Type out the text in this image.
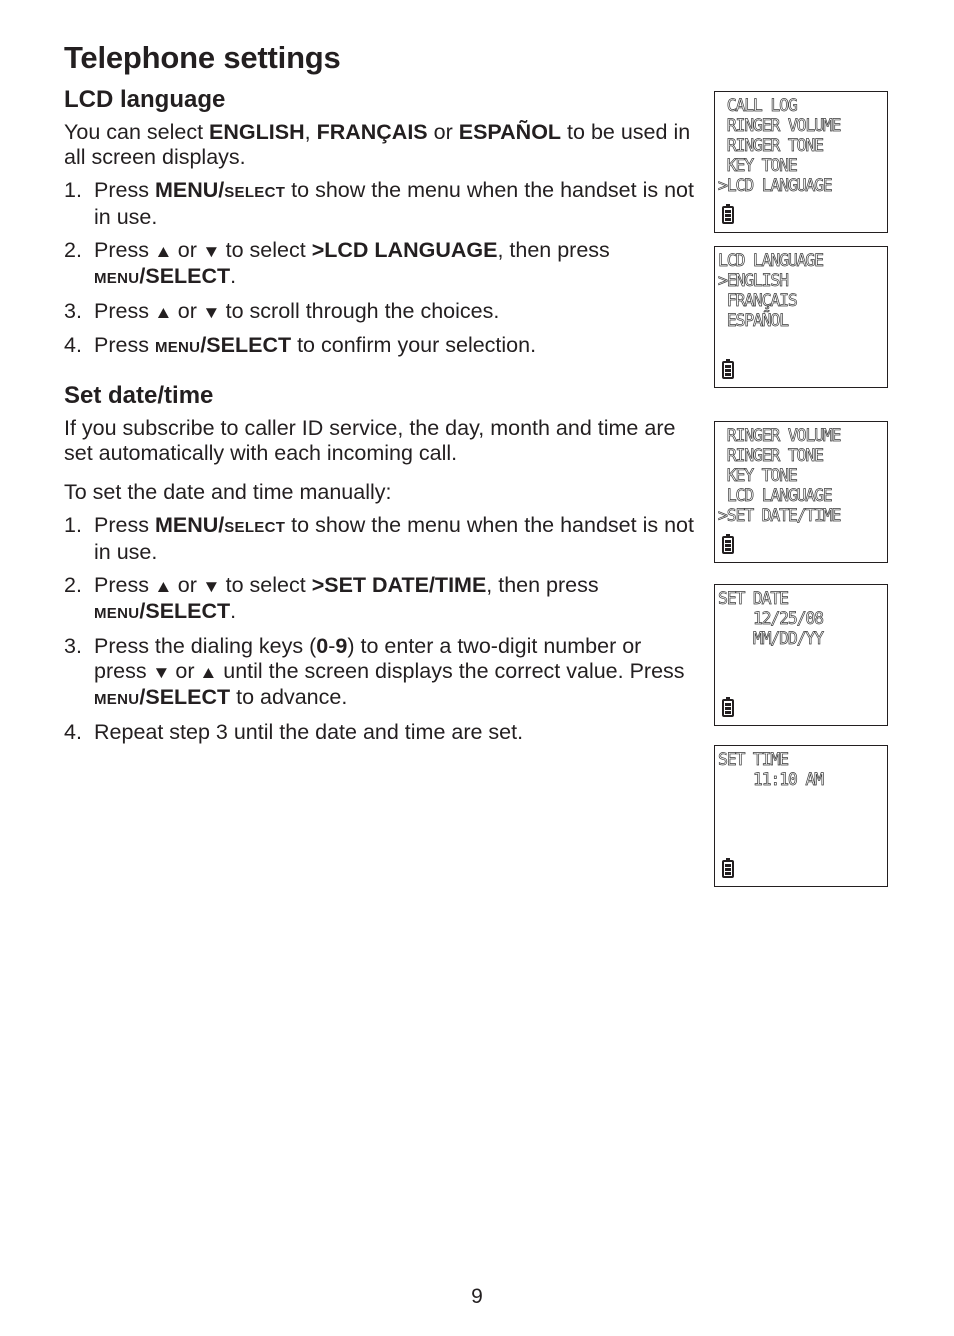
Telephone settings
LCD language

You can select ENGLISH, FRANÇAIS or ESPAÑOL to be used in all screen displays.

1. Press MENU/SELECT to show the menu when the handset is not in use.
2. Press ▲ or ▼ to select >LCD LANGUAGE, then press MENU/SELECT.
3. Press ▲ or ▼ to scroll through the choices.
4. Press MENU/SELECT to confirm your selection.
Set date/time

If you subscribe to caller ID service, the day, month and time are set automatically with each incoming call.

To set the date and time manually:

1. Press MENU/SELECT to show the menu when the handset is not in use.
2. Press ▲ or ▼ to select >SET DATE/TIME, then press MENU/SELECT.
3. Press the dialing keys (0-9) to enter a two-digit number or press ▼ or ▲ until the screen displays the correct value. Press MENU/SELECT to advance.
4. Repeat step 3 until the date and time are set.
CALL LOG
RINGER VOLUME
RINGER TONE
KEY TONE
>LCD LANGUAGE
LCD LANGUAGE
>ENGLISH
FRANÇAIS
ESPAÑOL
RINGER VOLUME
RINGER TONE
KEY TONE
LCD LANGUAGE
>SET DATE/TIME
SET DATE
12/25/08
MM/DD/YY
SET TIME
11:10 AM
9
